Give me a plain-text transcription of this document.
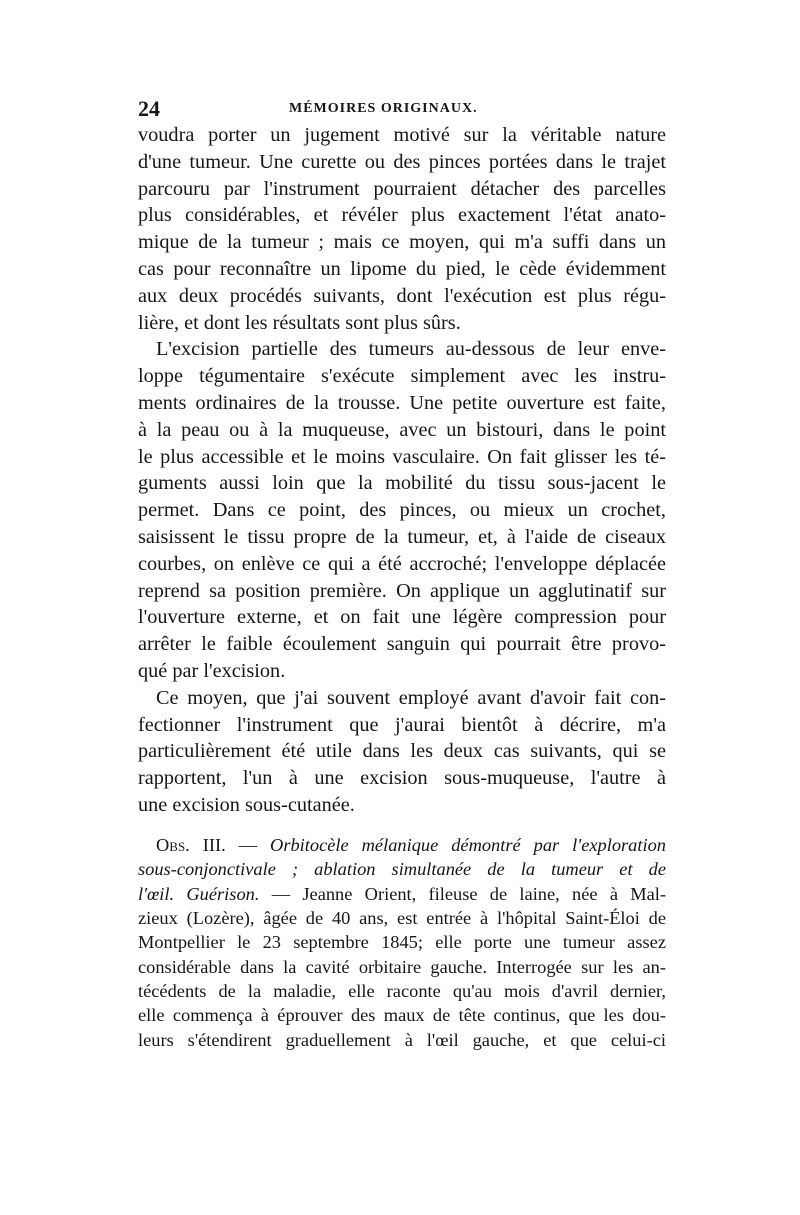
24	MÉMOIRES ORIGINAUX.
voudra porter un jugement motivé sur la véritable nature
d'une tumeur. Une curette ou des pinces portées dans le trajet
parcouru par l'instrument pourraient détacher des parcelles
plus considérables, et révéler plus exactement l'état anato-
mique de la tumeur ; mais ce moyen, qui m'a suffi dans un
cas pour reconnaître un lipome du pied, le cède évidemment
aux deux procédés suivants, dont l'exécution est plus régu-
lière, et dont les résultats sont plus sûrs.
L'excision partielle des tumeurs au-dessous de leur enve-
loppe tégumentaire s'exécute simplement avec les instru-
ments ordinaires de la trousse. Une petite ouverture est faite,
à la peau ou à la muqueuse, avec un bistouri, dans le point
le plus accessible et le moins vasculaire. On fait glisser les té-
guments aussi loin que la mobilité du tissu sous-jacent le
permet. Dans ce point, des pinces, ou mieux un crochet,
saisissent le tissu propre de la tumeur, et, à l'aide de ciseaux
courbes, on enlève ce qui a été accroché; l'enveloppe déplacée
reprend sa position première. On applique un agglutinatif sur
l'ouverture externe, et on fait une légère compression pour
arrêter le faible écoulement sanguin qui pourrait être provo-
qué par l'excision.
Ce moyen, que j'ai souvent employé avant d'avoir fait con-
fectionner l'instrument que j'aurai bientôt à décrire, m'a
particulièrement été utile dans les deux cas suivants, qui se
rapportent, l'un à une excision sous-muqueuse, l'autre à
une excision sous-cutanée.
Obs. III. — Orbitocèle mélanique démontré par l'exploration
sous-conjonctivale ; ablation simultanée de la tumeur et de
l'œil. Guérison. — Jeanne Orient, fileuse de laine, née à Mal-
zieux (Lozère), âgée de 40 ans, est entrée à l'hôpital Saint-Éloi de
Montpellier le 23 septembre 1845; elle porte une tumeur assez
considérable dans la cavité orbitaire gauche. Interrogée sur les an-
técédents de la maladie, elle raconte qu'au mois d'avril dernier,
elle commença à éprouver des maux de tête continus, que les dou-
leurs s'étendirent graduellement à l'œil gauche, et que celui-ci
